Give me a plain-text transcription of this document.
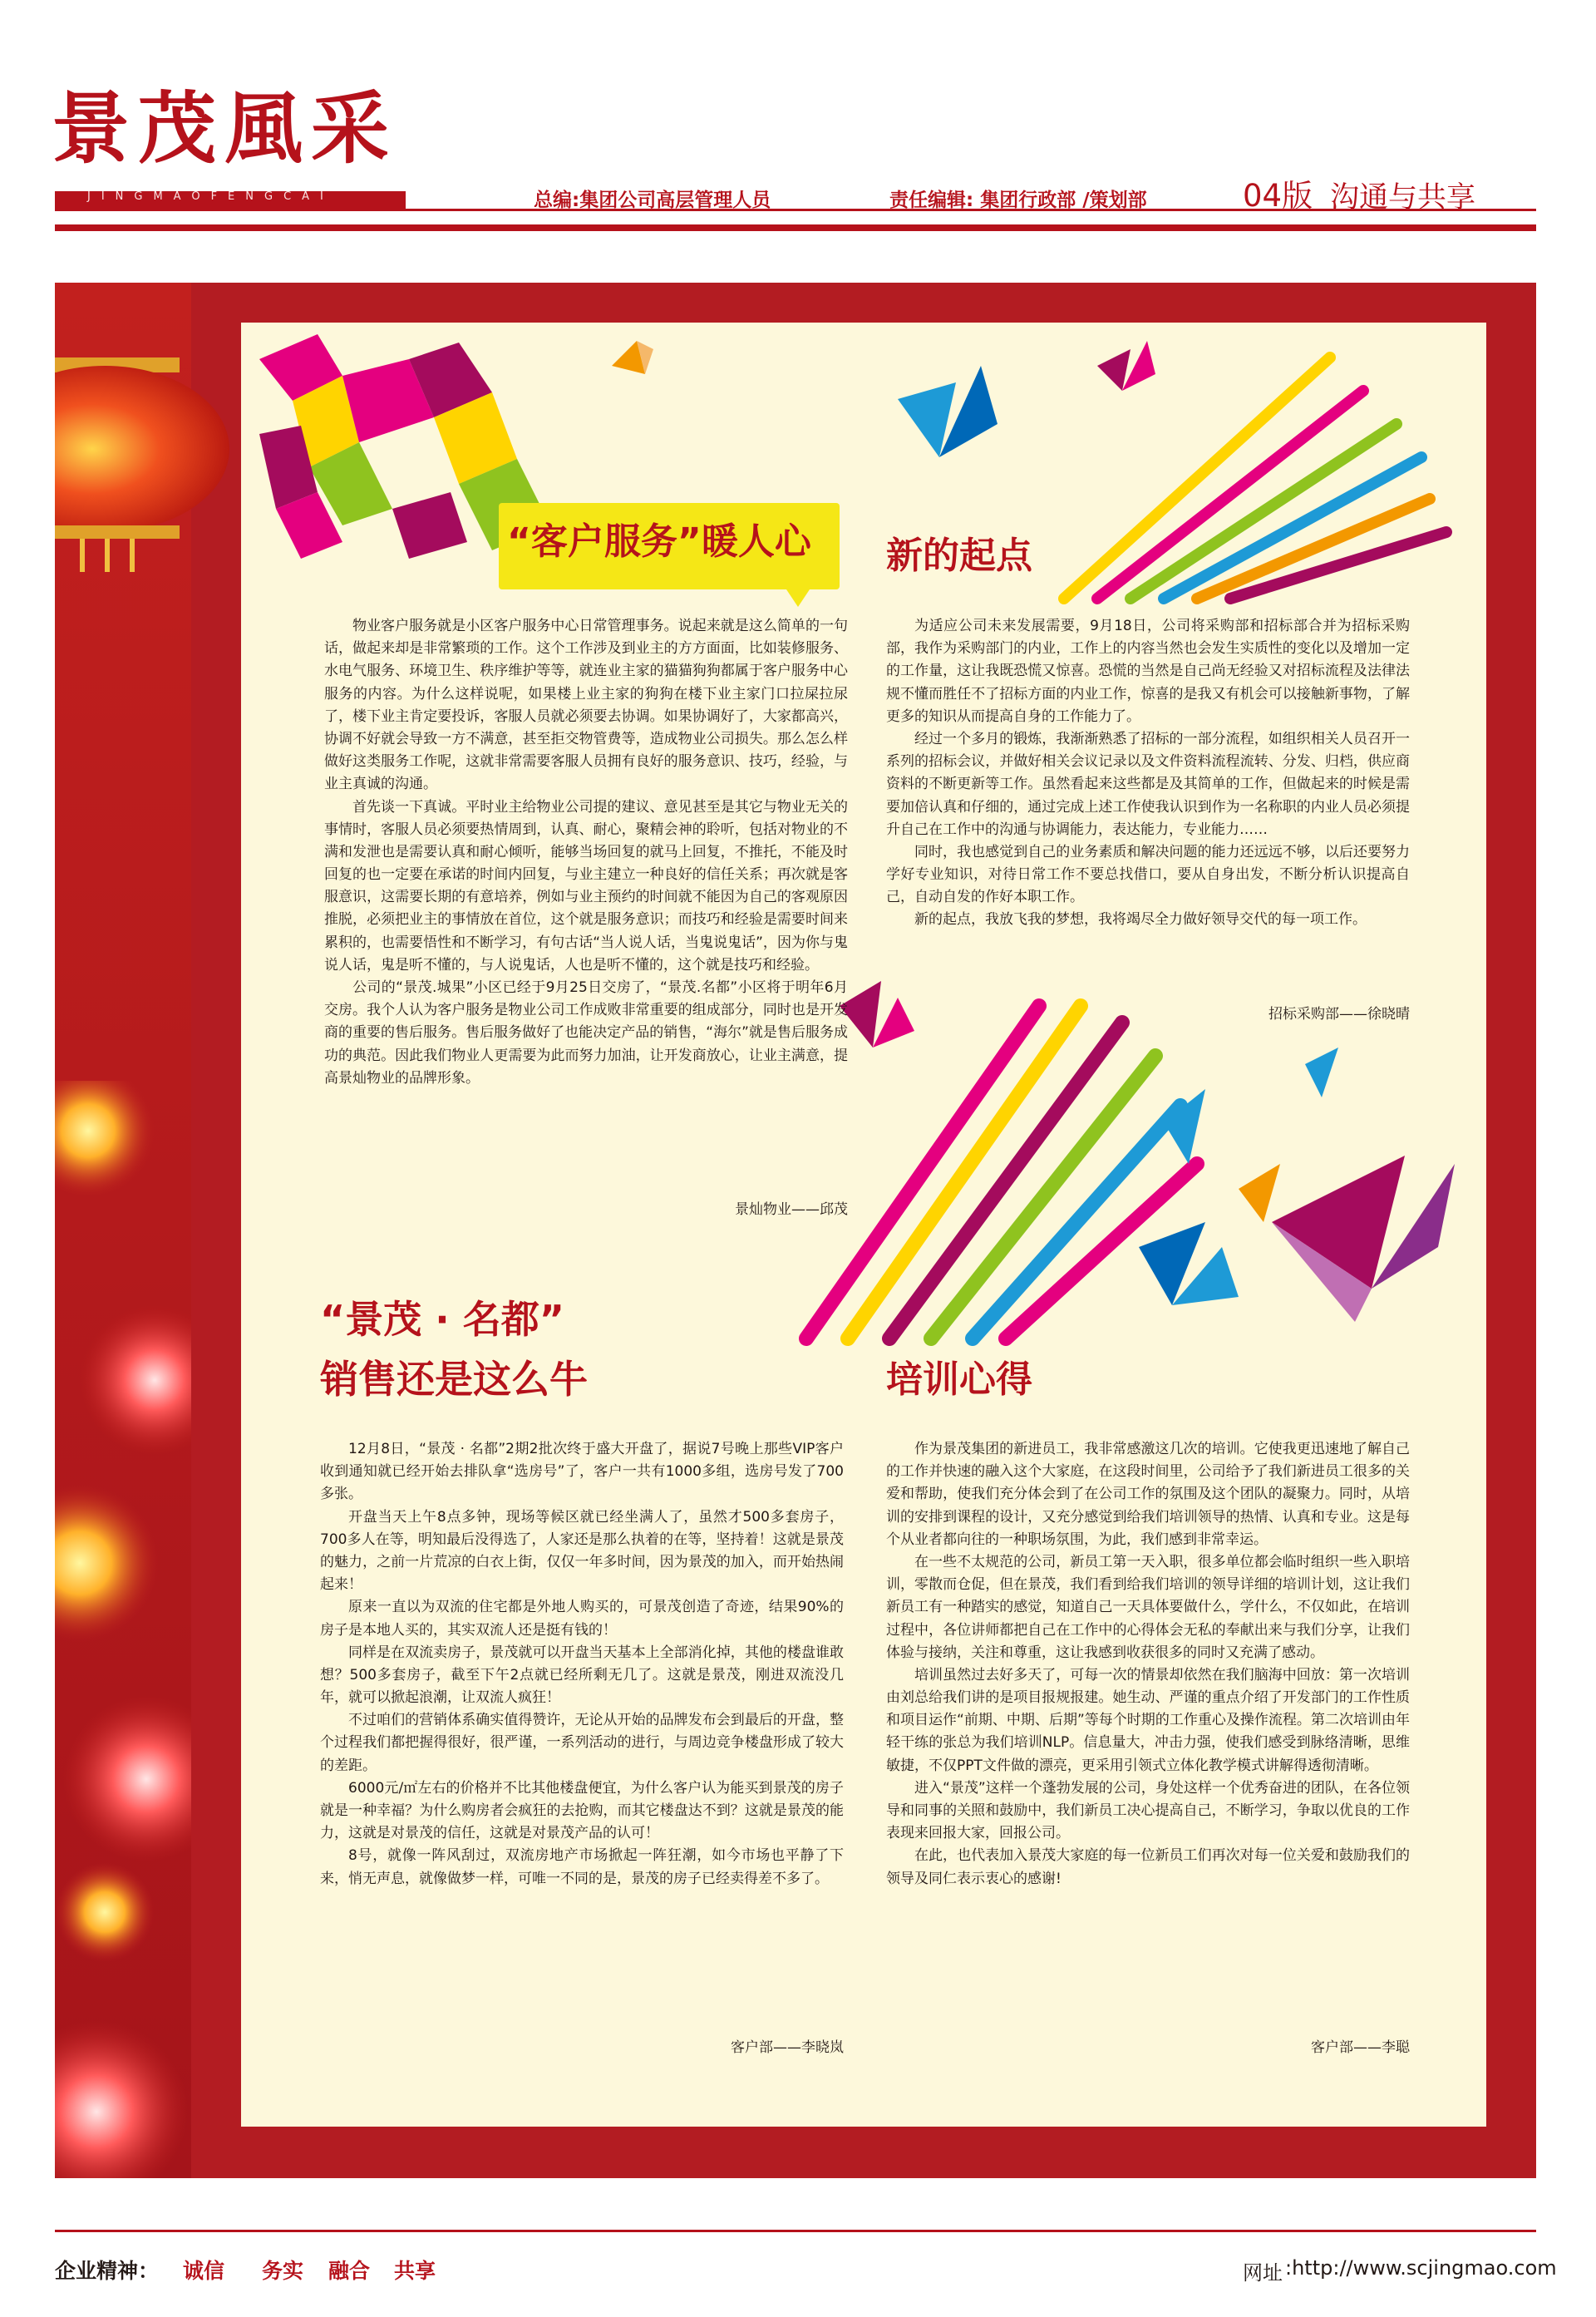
景茂風采
JINGMAOFENGCAI	总编:集团公司高层管理人员	责任编辑: 集团行政部 /策划部	04版 沟通与共享
“客户服务”暖人心

物业客户服务就是小区客户服务中心日常管理事务。说起来就是这么简单的一句话，做起来却是非常繁琐的工作。这个工作涉及到业主的方方面面，比如装修服务、水电气服务、环境卫生、秩序维护等等，就连业主家的猫猫狗狗都属于客户服务中心服务的内容。为什么这样说呢，如果楼上业主家的狗狗在楼下业主家门口拉屎拉尿了，楼下业主肯定要投诉，客服人员就必须要去协调。如果协调好了，大家都高兴，协调不好就会导致一方不满意，甚至拒交物管费等，造成物业公司损失。那么怎么样做好这类服务工作呢，这就非常需要客服人员拥有良好的服务意识、技巧，经验，与业主真诚的沟通。

首先谈一下真诚。平时业主给物业公司提的建议、意见甚至是其它与物业无关的事情时，客服人员必须要热情周到，认真、耐心，聚精会神的聆听，包括对物业的不满和发泄也是需要认真和耐心倾听，能够当场回复的就马上回复，不推托，不能及时回复的也一定要在承诺的时间内回复，与业主建立一种良好的信任关系；再次就是客服意识，这需要长期的有意培养，例如与业主预约的时间就不能因为自己的客观原因推脱，必须把业主的事情放在首位，这个就是服务意识；而技巧和经验是需要时间来累积的，也需要悟性和不断学习，有句古话“当人说人话，当鬼说鬼话”，因为你与鬼说人话，鬼是听不懂的，与人说鬼话，人也是听不懂的，这个就是技巧和经验。

公司的“景茂.城果”小区已经于9月25日交房了，“景茂.名都”小区将于明年6月交房。我个人认为客户服务是物业公司工作成败非常重要的组成部分，同时也是开发商的重要的售后服务。售后服务做好了也能决定产品的销售，“海尔”就是售后服务成功的典范。因此我们物业人更需要为此而努力加油，让开发商放心，让业主满意，提高景灿物业的品牌形象。

景灿物业——邱茂
新的起点

为适应公司未来发展需要，9月18日，公司将采购部和招标部合并为招标采购部，我作为采购部门的内业，工作上的内容当然也会发生实质性的变化以及增加一定的工作量，这让我既恐慌又惊喜。恐慌的当然是自己尚无经验又对招标流程及法律法规不懂而胜任不了招标方面的内业工作，惊喜的是我又有机会可以接触新事物，了解更多的知识从而提高自身的工作能力了。

经过一个多月的锻炼，我渐渐熟悉了招标的一部分流程，如组织相关人员召开一系列的招标会议，并做好相关会议记录以及文件资料流程流转、分发、归档，供应商资料的不断更新等工作。虽然看起来这些都是及其简单的工作，但做起来的时候是需要加倍认真和仔细的，通过完成上述工作使我认识到作为一名称职的内业人员必须提升自己在工作中的沟通与协调能力，表达能力，专业能力……

同时，我也感觉到自己的业务素质和解决问题的能力还远远不够，以后还要努力学好专业知识，对待日常工作不要总找借口，要从自身出发，不断分析认识提高自己，自动自发的作好本职工作。

新的起点，我放飞我的梦想，我将竭尽全力做好领导交代的每一项工作。

招标采购部——徐晓晴
“景茂 · 名都”
销售还是这么牛

12月8日，“景茂 · 名都”2期2批次终于盛大开盘了，据说7号晚上那些VIP客户收到通知就已经开始去排队拿“选房号”了，客户一共有1000多组，选房号发了700多张。

开盘当天上午8点多钟，现场等候区就已经坐满人了，虽然才500多套房子，700多人在等，明知最后没得选了，人家还是那么执着的在等，坚持着！这就是景茂的魅力，之前一片荒凉的白衣上街，仅仅一年多时间，因为景茂的加入，而开始热闹起来！

原来一直以为双流的住宅都是外地人购买的，可景茂创造了奇迹，结果90%的房子是本地人买的，其实双流人还是挺有钱的！

同样是在双流卖房子，景茂就可以开盘当天基本上全部消化掉，其他的楼盘谁敢想？500多套房子，截至下午2点就已经所剩无几了。这就是景茂，刚进双流没几年，就可以掀起浪潮，让双流人疯狂！

不过咱们的营销体系确实值得赞许，无论从开始的品牌发布会到最后的开盘，整个过程我们都把握得很好，很严谨，一系列活动的进行，与周边竞争楼盘形成了较大的差距。

6000元/㎡左右的价格并不比其他楼盘便宜，为什么客户认为能买到景茂的房子就是一种幸福？为什么购房者会疯狂的去抢购，而其它楼盘达不到？这就是景茂的能力，这就是对景茂的信任，这就是对景茂产品的认可！

8号，就像一阵风刮过，双流房地产市场掀起一阵狂潮，如今市场也平静了下来，悄无声息，就像做梦一样，可唯一不同的是，景茂的房子已经卖得差不多了。

客户部——李晓岚
培训心得

作为景茂集团的新进员工，我非常感激这几次的培训。它使我更迅速地了解自己的工作并快速的融入这个大家庭，在这段时间里，公司给予了我们新进员工很多的关爱和帮助，使我们充分体会到了在公司工作的氛围及这个团队的凝聚力。同时，从培训的安排到课程的设计，又充分感觉到给我们培训领导的热情、认真和专业。这是每个从业者都向往的一种职场氛围，为此，我们感到非常幸运。

在一些不太规范的公司，新员工第一天入职，很多单位都会临时组织一些入职培训，零散而仓促，但在景茂，我们看到给我们培训的领导详细的培训计划，这让我们新员工有一种踏实的感觉，知道自己一天具体要做什么，学什么，不仅如此，在培训过程中，各位讲师都把自己在工作中的心得体会无私的奉献出来与我们分享，让我们体验与接纳，关注和尊重，这让我感到收获很多的同时又充满了感动。

培训虽然过去好多天了，可每一次的情景却依然在我们脑海中回放：第一次培训由刘总给我们讲的是项目报规报建。她生动、严谨的重点介绍了开发部门的工作性质和项目运作“前期、中期、后期”等每个时期的工作重心及操作流程。第二次培训由年轻干练的张总为我们培训NLP。信息量大，冲击力强，使我们感受到脉络清晰，思维敏捷，不仅PPT文件做的漂亮，更采用引领式立体化教学模式讲解得透彻清晰。

进入“景茂”这样一个蓬勃发展的公司，身处这样一个优秀奋进的团队，在各位领导和同事的关照和鼓励中，我们新员工决心提高自己，不断学习，争取以优良的工作表现来回报大家，回报公司。

在此，也代表加入景茂大家庭的每一位新员工们再次对每一位关爱和鼓励我们的领导及同仁表示衷心的感谢!

客户部——李聪
企业精神： 诚信 务实 融合 共享	网址 :http://www.scjingmao.com
